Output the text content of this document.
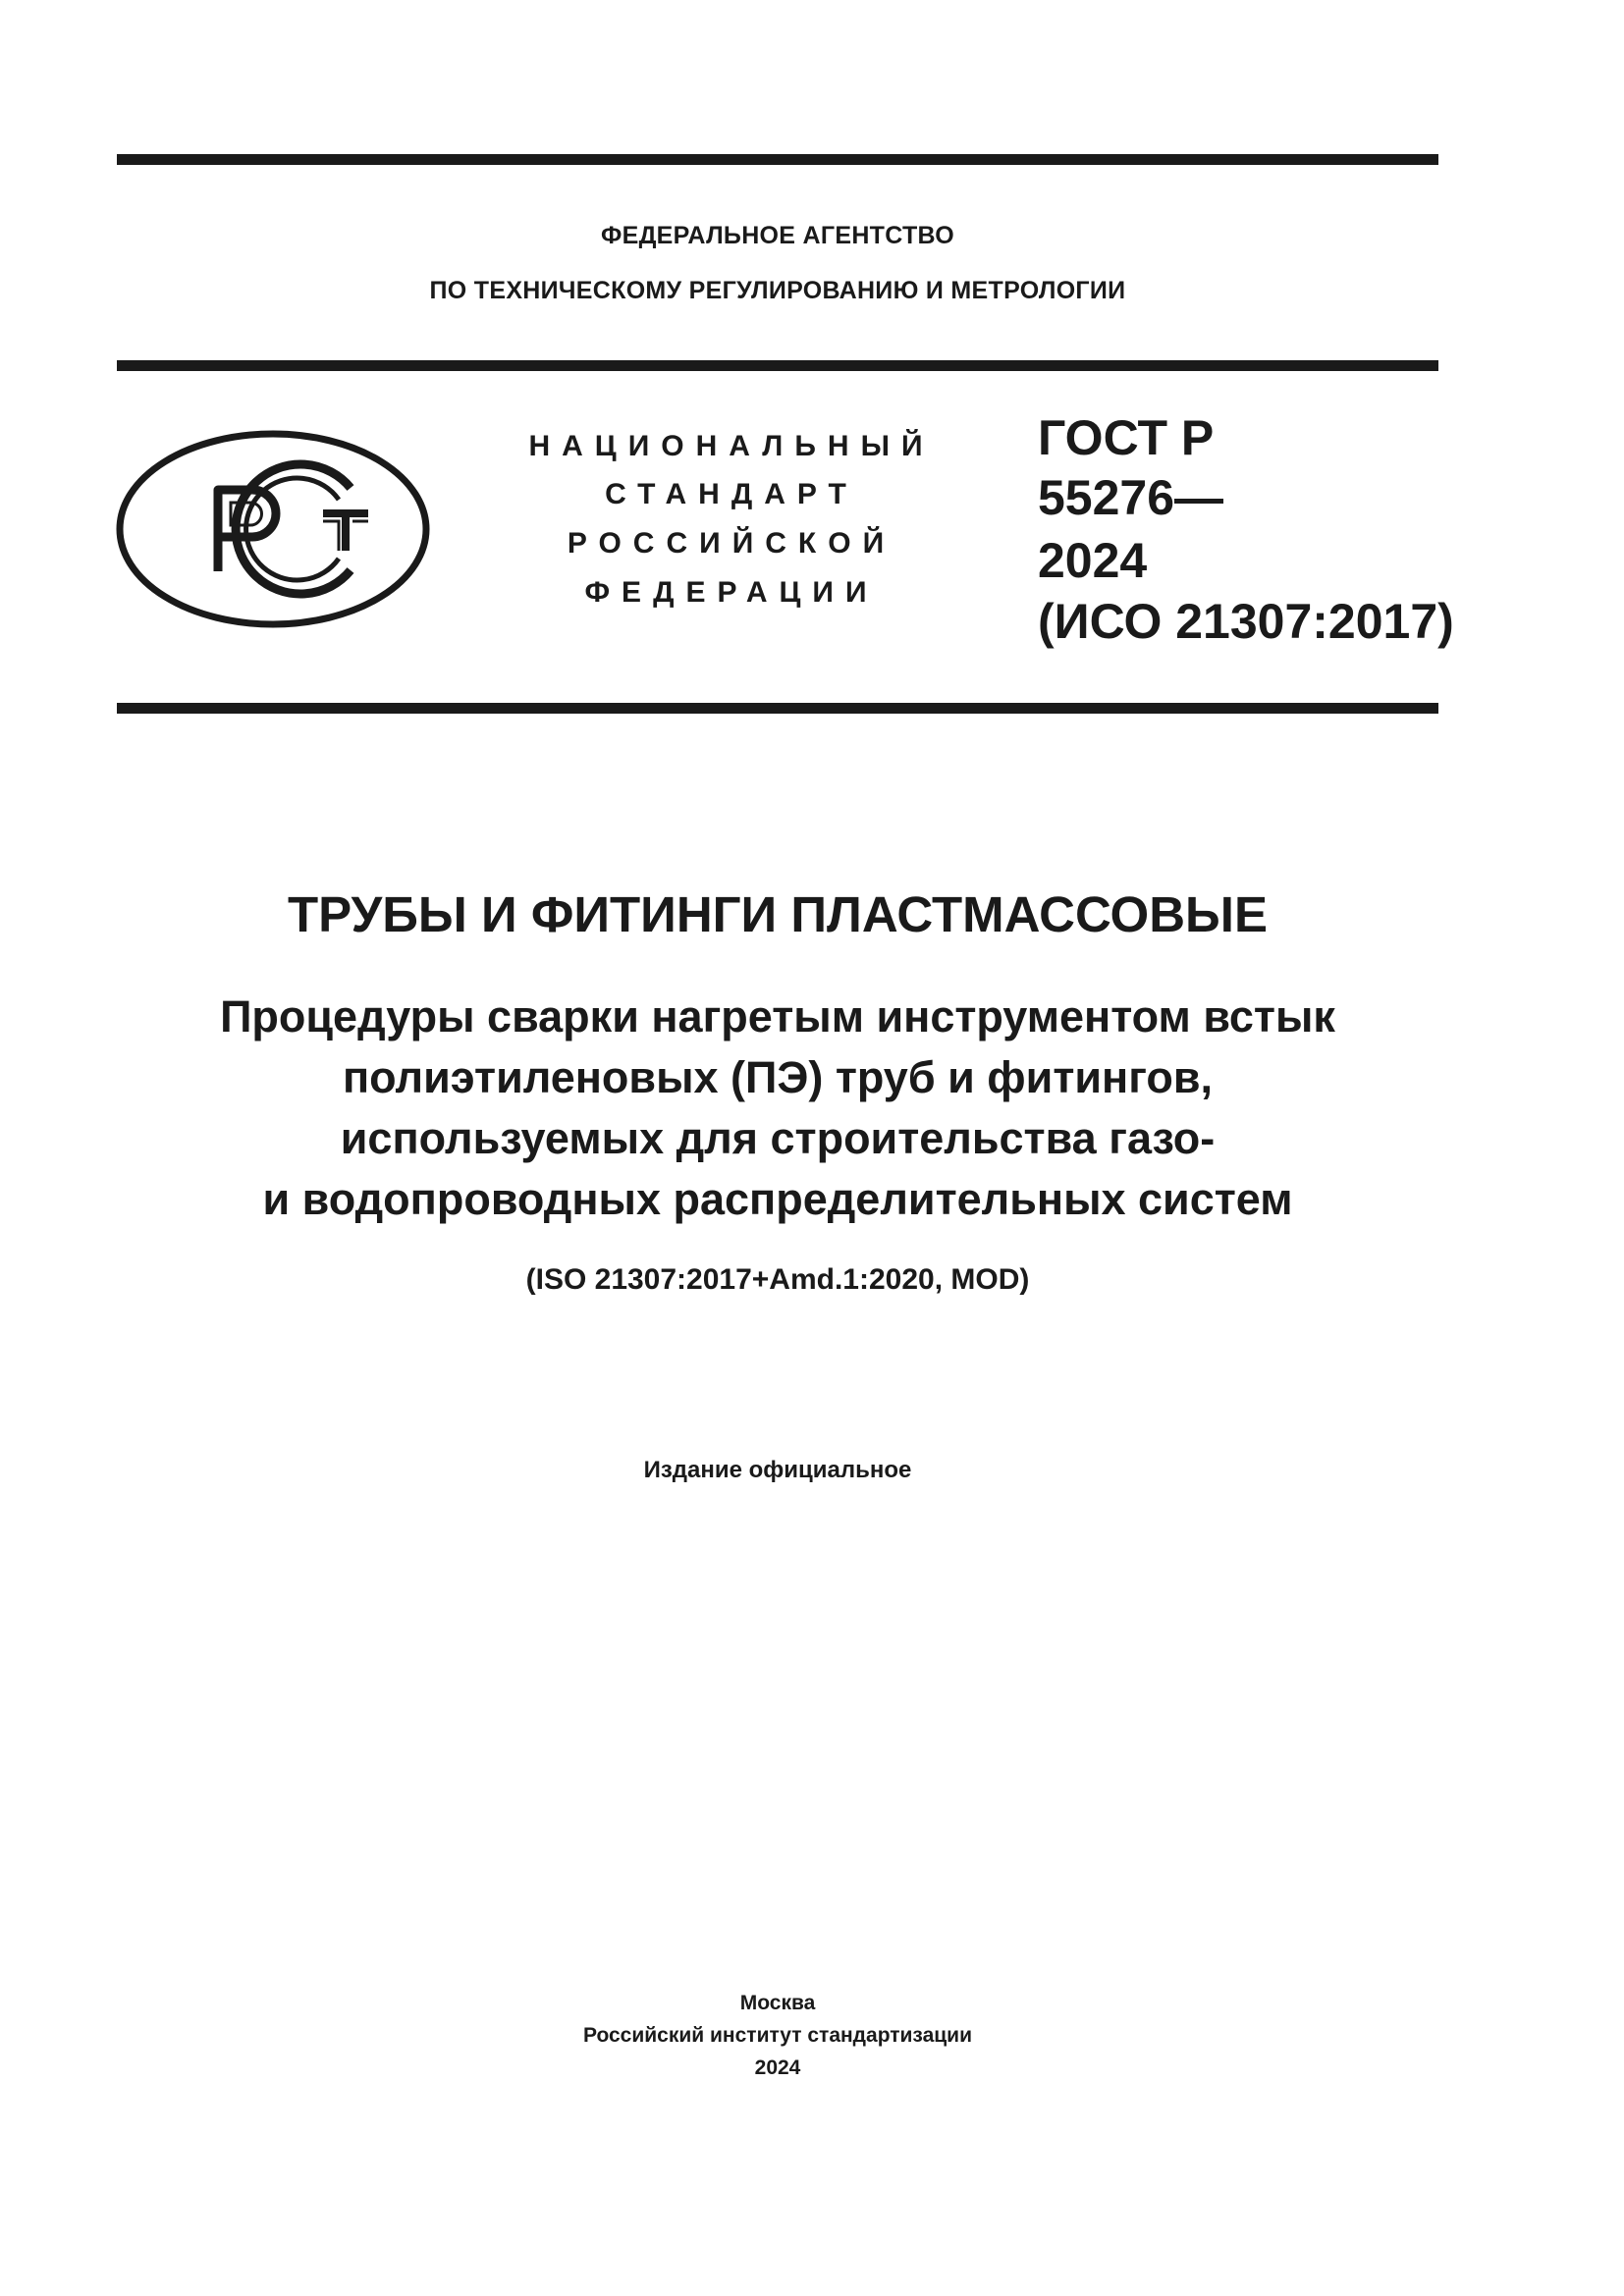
ФЕДЕРАЛЬНОЕ АГЕНТСТВО
ПО ТЕХНИЧЕСКОМУ РЕГУЛИРОВАНИЮ И МЕТРОЛОГИИ
НАЦИОНАЛЬНЫЙ
СТАНДАРТ
РОССИЙСКОЙ
ФЕДЕРАЦИИ
ГОСТ Р
55276—
2024
(ИСО 21307:2017)
ТРУБЫ И ФИТИНГИ ПЛАСТМАССОВЫЕ
Процедуры сварки нагретым инструментом встык
полиэтиленовых (ПЭ) труб и фитингов,
используемых для строительства газо-
и водопроводных распределительных систем
(ISO 21307:2017+Amd.1:2020, MOD)
Издание официальное
Москва
Российский институт стандартизации
2024
